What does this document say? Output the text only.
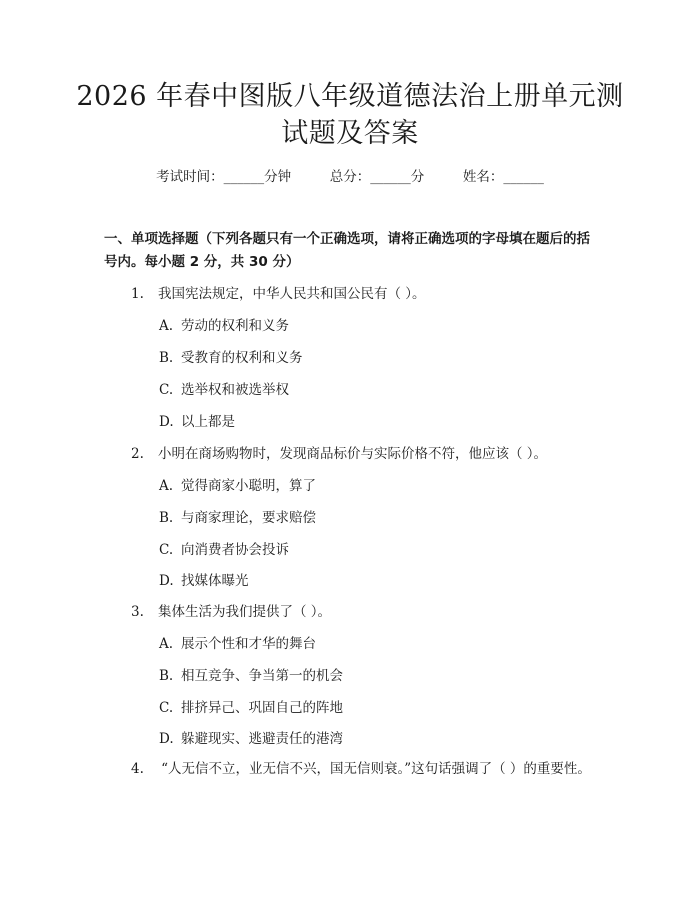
2026 年春中图版八年级道德法治上册单元测试题及答案
考试时间：______分钟	总分：______分	姓名：______
一、单项选择题（下列各题只有一个正确选项，请将正确选项的字母填在题后的括号内。每小题 2 分，共 30 分）
1.	我国宪法规定，中华人民共和国公民有（ ）。
A. 劳动的权利和义务
B. 受教育的权利和义务
C. 选举权和被选举权
D. 以上都是
2.	小明在商场购物时，发现商品标价与实际价格不符，他应该（ ）。
A. 觉得商家小聪明，算了
B. 与商家理论，要求赔偿
C. 向消费者协会投诉
D. 找媒体曝光
3.	集体生活为我们提供了（ ）。
A. 展示个性和才华的舞台
B. 相互竞争、争当第一的机会
C. 排挤异己、巩固自己的阵地
D. 躲避现实、逃避责任的港湾
4. “人无信不立，业无信不兴，国无信则衰。”这句话强调了（ ）的重要性。
